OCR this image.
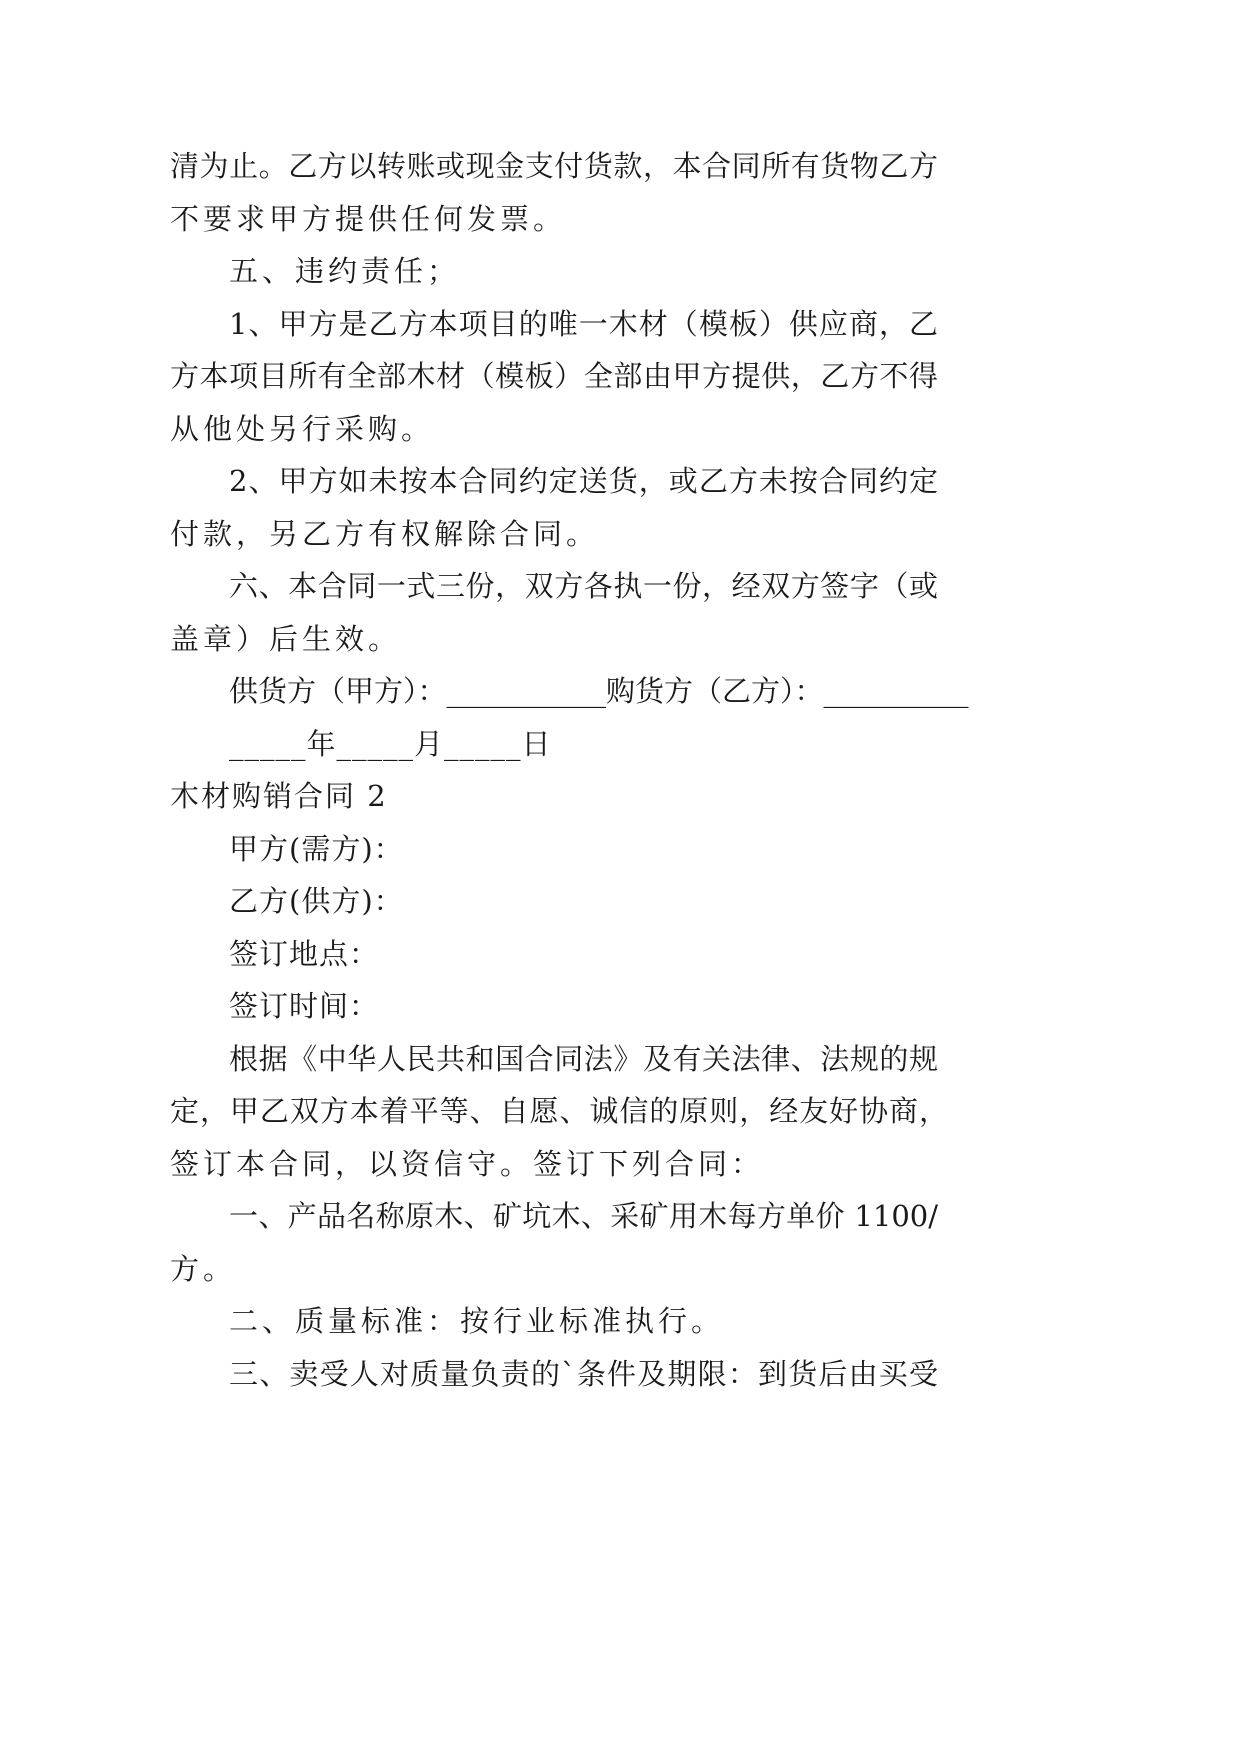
清为止。乙方以转账或现金支付货款，本合同所有货物乙方
不要求甲方提供任何发票。
五、违约责任；
1、甲方是乙方本项目的唯一木材（模板）供应商，乙
方本项目所有全部木材（模板）全部由甲方提供，乙方不得
从他处另行采购。
2、甲方如未按本合同约定送货，或乙方未按合同约定
付款，另乙方有权解除合同。
六、本合同一式三份，双方各执一份，经双方签字（或
盖章）后生效。
供货方（甲方）：___________购货方（乙方）：__________
_____年_____月_____日
木材购销合同 2
甲方(需方)：
乙方(供方)：
签订地点：
签订时间：
根据《中华人民共和国合同法》及有关法律、法规的规
定，甲乙双方本着平等、自愿、诚信的原则，经友好协商，
签订本合同，以资信守。签订下列合同：
一、产品名称原木、矿坑木、采矿用木每方单价 1100/
方。
二、质量标准：按行业标准执行。
三、卖受人对质量负责的`条件及期限：到货后由买受
